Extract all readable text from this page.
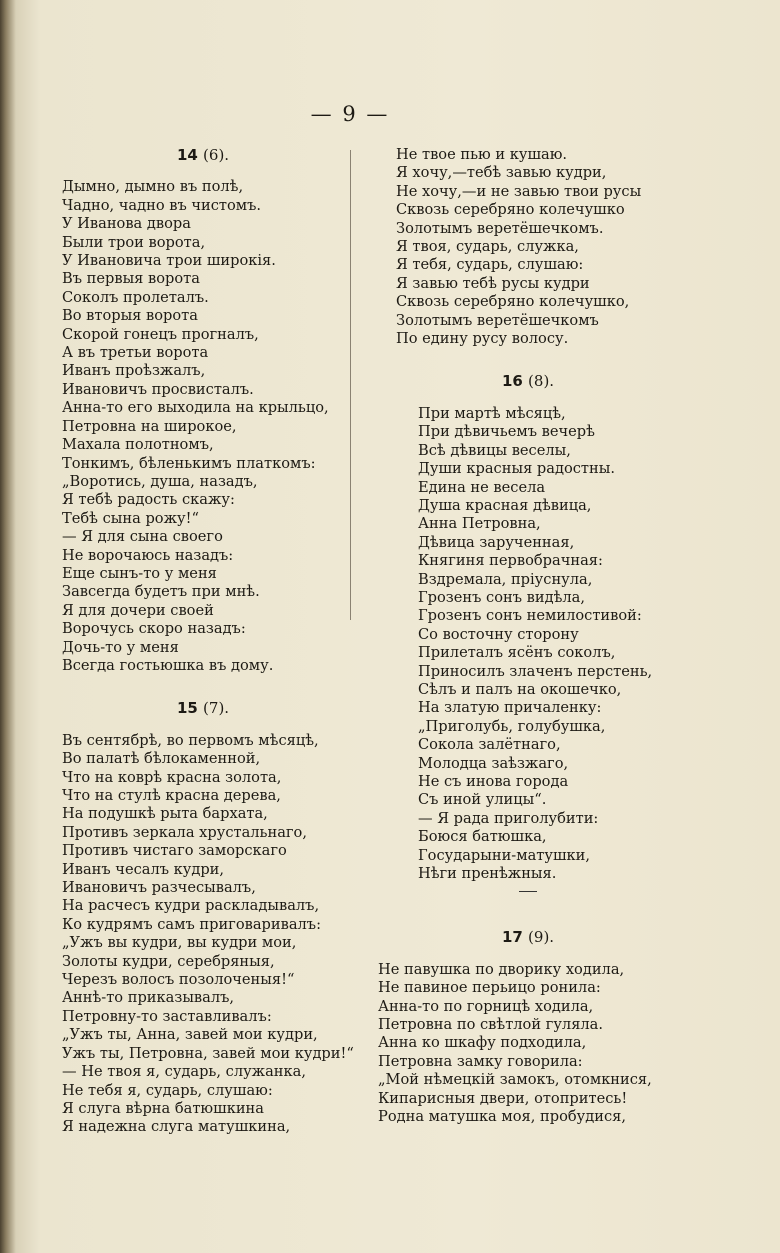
— 9 —
14 (6).
Дымно, дымно въ полѣ,
Чадно, чадно въ чистомъ.
У Иванова двора
Были трои ворота,
У Ивановича трои широкія.
Въ первыя ворота
Соколъ пролеталъ.
Во вторыя ворота
Скорой гонецъ прогналъ,
А въ третьи ворота
Иванъ проѣзжалъ,
Ивановичъ просвисталъ.
Анна-то его выходила на крыльцо,
Петровна на широкое,
Махала полотномъ,
Тонкимъ, бѣленькимъ платкомъ:
„Воротись, душа, назадъ,
Я тебѣ радость скажу:
Тебѣ сына рожу!“
— Я для сына своего
Не ворочаюсь назадъ:
Еще сынъ-то у меня
Завсегда будетъ при мнѣ.
Я для дочери своей
Ворочусь скоро назадъ:
Дочь-то у меня
Всегда гостьюшка въ дому.
15 (7).
Въ сентябрѣ, во первомъ мѣсяцѣ,
Во палатѣ бѣлокаменной,
Что на коврѣ красна золота,
Что на стулѣ красна дерева,
На подушкѣ рыта бархата,
Противъ зеркала хрустальнаго,
Противъ чистаго заморскаго
Иванъ чесалъ кудри,
Ивановичъ разчесывалъ,
На расчесъ кудри раскладывалъ,
Ко кудрямъ самъ приговаривалъ:
„Ужъ вы кудри, вы кудри мои,
Золоты кудри, серебряныя,
Черезъ волосъ позолоченыя!“
Аннѣ-то приказывалъ,
Петровну-то заставливалъ:
„Ужъ ты, Анна, завей мои кудри,
Ужъ ты, Петровна, завей мои кудри!“
— Не твоя я, сударь, служанка,
Не тебя я, сударь, слушаю:
Я слуга вѣрна батюшкина
Я надежна слуга матушкина,
Не твое пью и кушаю.
Я хочу,—тебѣ завью кудри,
Не хочу,—и не завью твои русы
Сквозь серебряно колечушко
Золотымъ веретёшечкомъ.
Я твоя, сударь, служка,
Я тебя, сударь, слушаю:
Я завью тебѣ русы кудри
Сквозь серебряно колечушко,
Золотымъ веретёшечкомъ
По едину русу волосу.
16 (8).
При мартѣ мѣсяцѣ,
При дѣвичьемъ вечерѣ
Всѣ дѣвицы веселы,
Души красныя радостны.
Едина не весела
Душа красная дѣвица,
Анна Петровна,
Дѣвица зарученная,
Княгиня первобрачная:
Вздремала, пріуснула,
Грозенъ сонъ видѣла,
Грозенъ сонъ немилостивой:
Со восточну сторону
Прилеталъ ясёнъ соколъ,
Приносилъ злаченъ перстень,
Сѣлъ и палъ на окошечко,
На златую причаленку:
„Приголубь, голубушка,
Сокола залётнаго,
Молодца заѣзжаго,
Не съ инова города
Съ иной улицы“.
— Я рада приголубити:
Боюся батюшка,
Государыни-матушки,
Нѣги пренѣжныя.
17 (9).
Не павушка по дворику ходила,
Не павиное перьицо ронила:
Анна-то по горницѣ ходила,
Петровна по свѣтлой гуляла.
Анна ко шкафу подходила,
Петровна замку говорила:
„Мой нѣмецкій замокъ, отомкнися,
Кипарисныя двери, отопритесь!
Родна матушка моя, пробудися,
